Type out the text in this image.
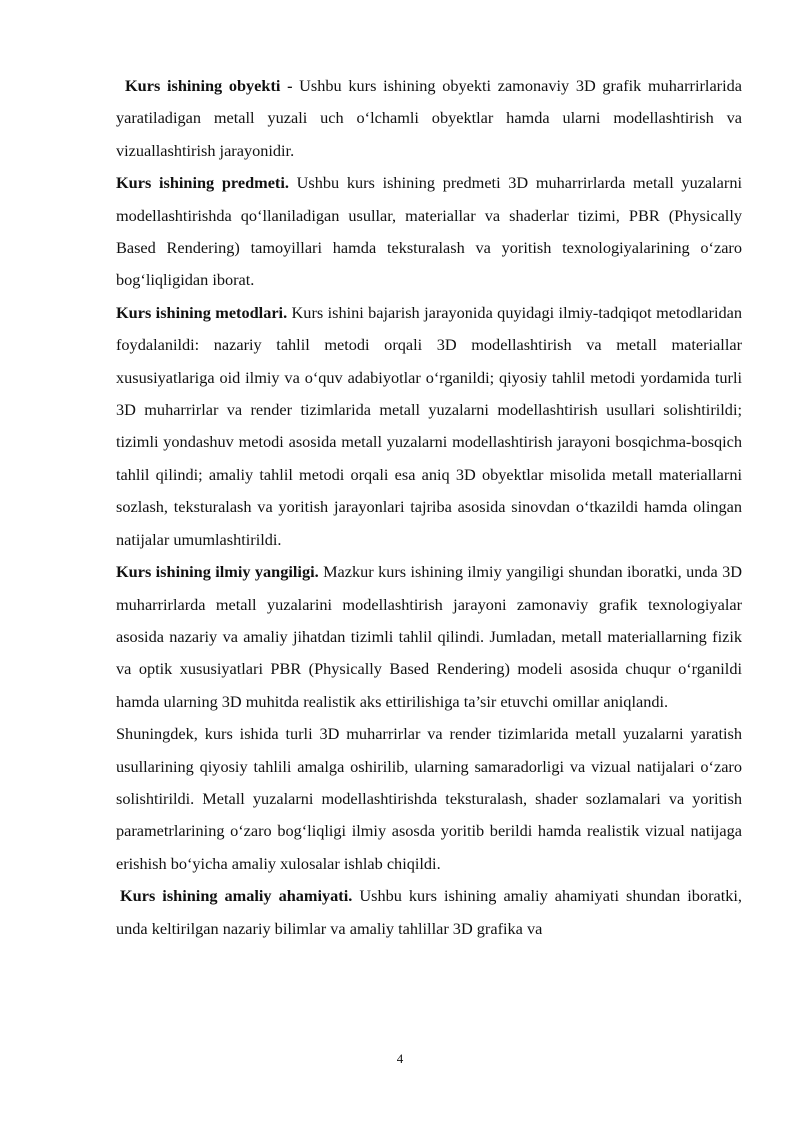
Kurs ishining obyekti - Ushbu kurs ishining obyekti zamonaviy 3D grafik muharrirlarida yaratiladigan metall yuzali uch o‘lchamli obyektlar hamda ularni modellashtirish va vizuallashtirish jarayonidir.

Kurs ishining predmeti. Ushbu kurs ishining predmeti 3D muharrirlarda metall yuzalarni modellashtirishda qo‘llaniladigan usullar, materiallar va shaderlar tizimi, PBR (Physically Based Rendering) tamoyillari hamda teksturalash va yoritish texnologiyalarining o‘zaro bog‘liqligidan iborat.

Kurs ishining metodlari. Kurs ishini bajarish jarayonida quyidagi ilmiy-tadqiqot metodlaridan foydalanildi: nazariy tahlil metodi orqali 3D modellashtirish va metall materiallar xususiyatlariga oid ilmiy va o‘quv adabiyotlar o‘rganildi; qiyosiy tahlil metodi yordamida turli 3D muharrirlar va render tizimlarida metall yuzalarni modellashtirish usullari solishtirildi; tizimli yondashuv metodi asosida metall yuzalarni modellashtirish jarayoni bosqichma-bosqich tahlil qilindi; amaliy tahlil metodi orqali esa aniq 3D obyektlar misolida metall materiallarni sozlash, teksturalash va yoritish jarayonlari tajriba asosida sinovdan o‘tkazildi hamda olingan natijalar umumlashtirildi.

Kurs ishining ilmiy yangiligi. Mazkur kurs ishining ilmiy yangiligi shundan iboratki, unda 3D muharrirlarda metall yuzalarini modellashtirish jarayoni zamonaviy grafik texnologiyalar asosida nazariy va amaliy jihatdan tizimli tahlil qilindi. Jumladan, metall materiallarning fizik va optik xususiyatlari PBR (Physically Based Rendering) modeli asosida chuqur o‘rganildi hamda ularning 3D muhitda realistik aks ettirilishiga ta’sir etuvchi omillar aniqlandi.

Shuningdek, kurs ishida turli 3D muharrirlar va render tizimlarida metall yuzalarni yaratish usullarining qiyosiy tahlili amalga oshirilib, ularning samaradorligi va vizual natijalari o‘zaro solishtirildi. Metall yuzalarni modellashtirishda teksturalash, shader sozlamalari va yoritish parametrlarining o‘zaro bog‘liqligi ilmiy asosda yoritib berildi hamda realistik vizual natijaga erishish bo‘yicha amaliy xulosalar ishlab chiqildi.

Kurs ishining amaliy ahamiyati. Ushbu kurs ishining amaliy ahamiyati shundan iboratki, unda keltirilgan nazariy bilimlar va amaliy tahlillar 3D grafika va

4
